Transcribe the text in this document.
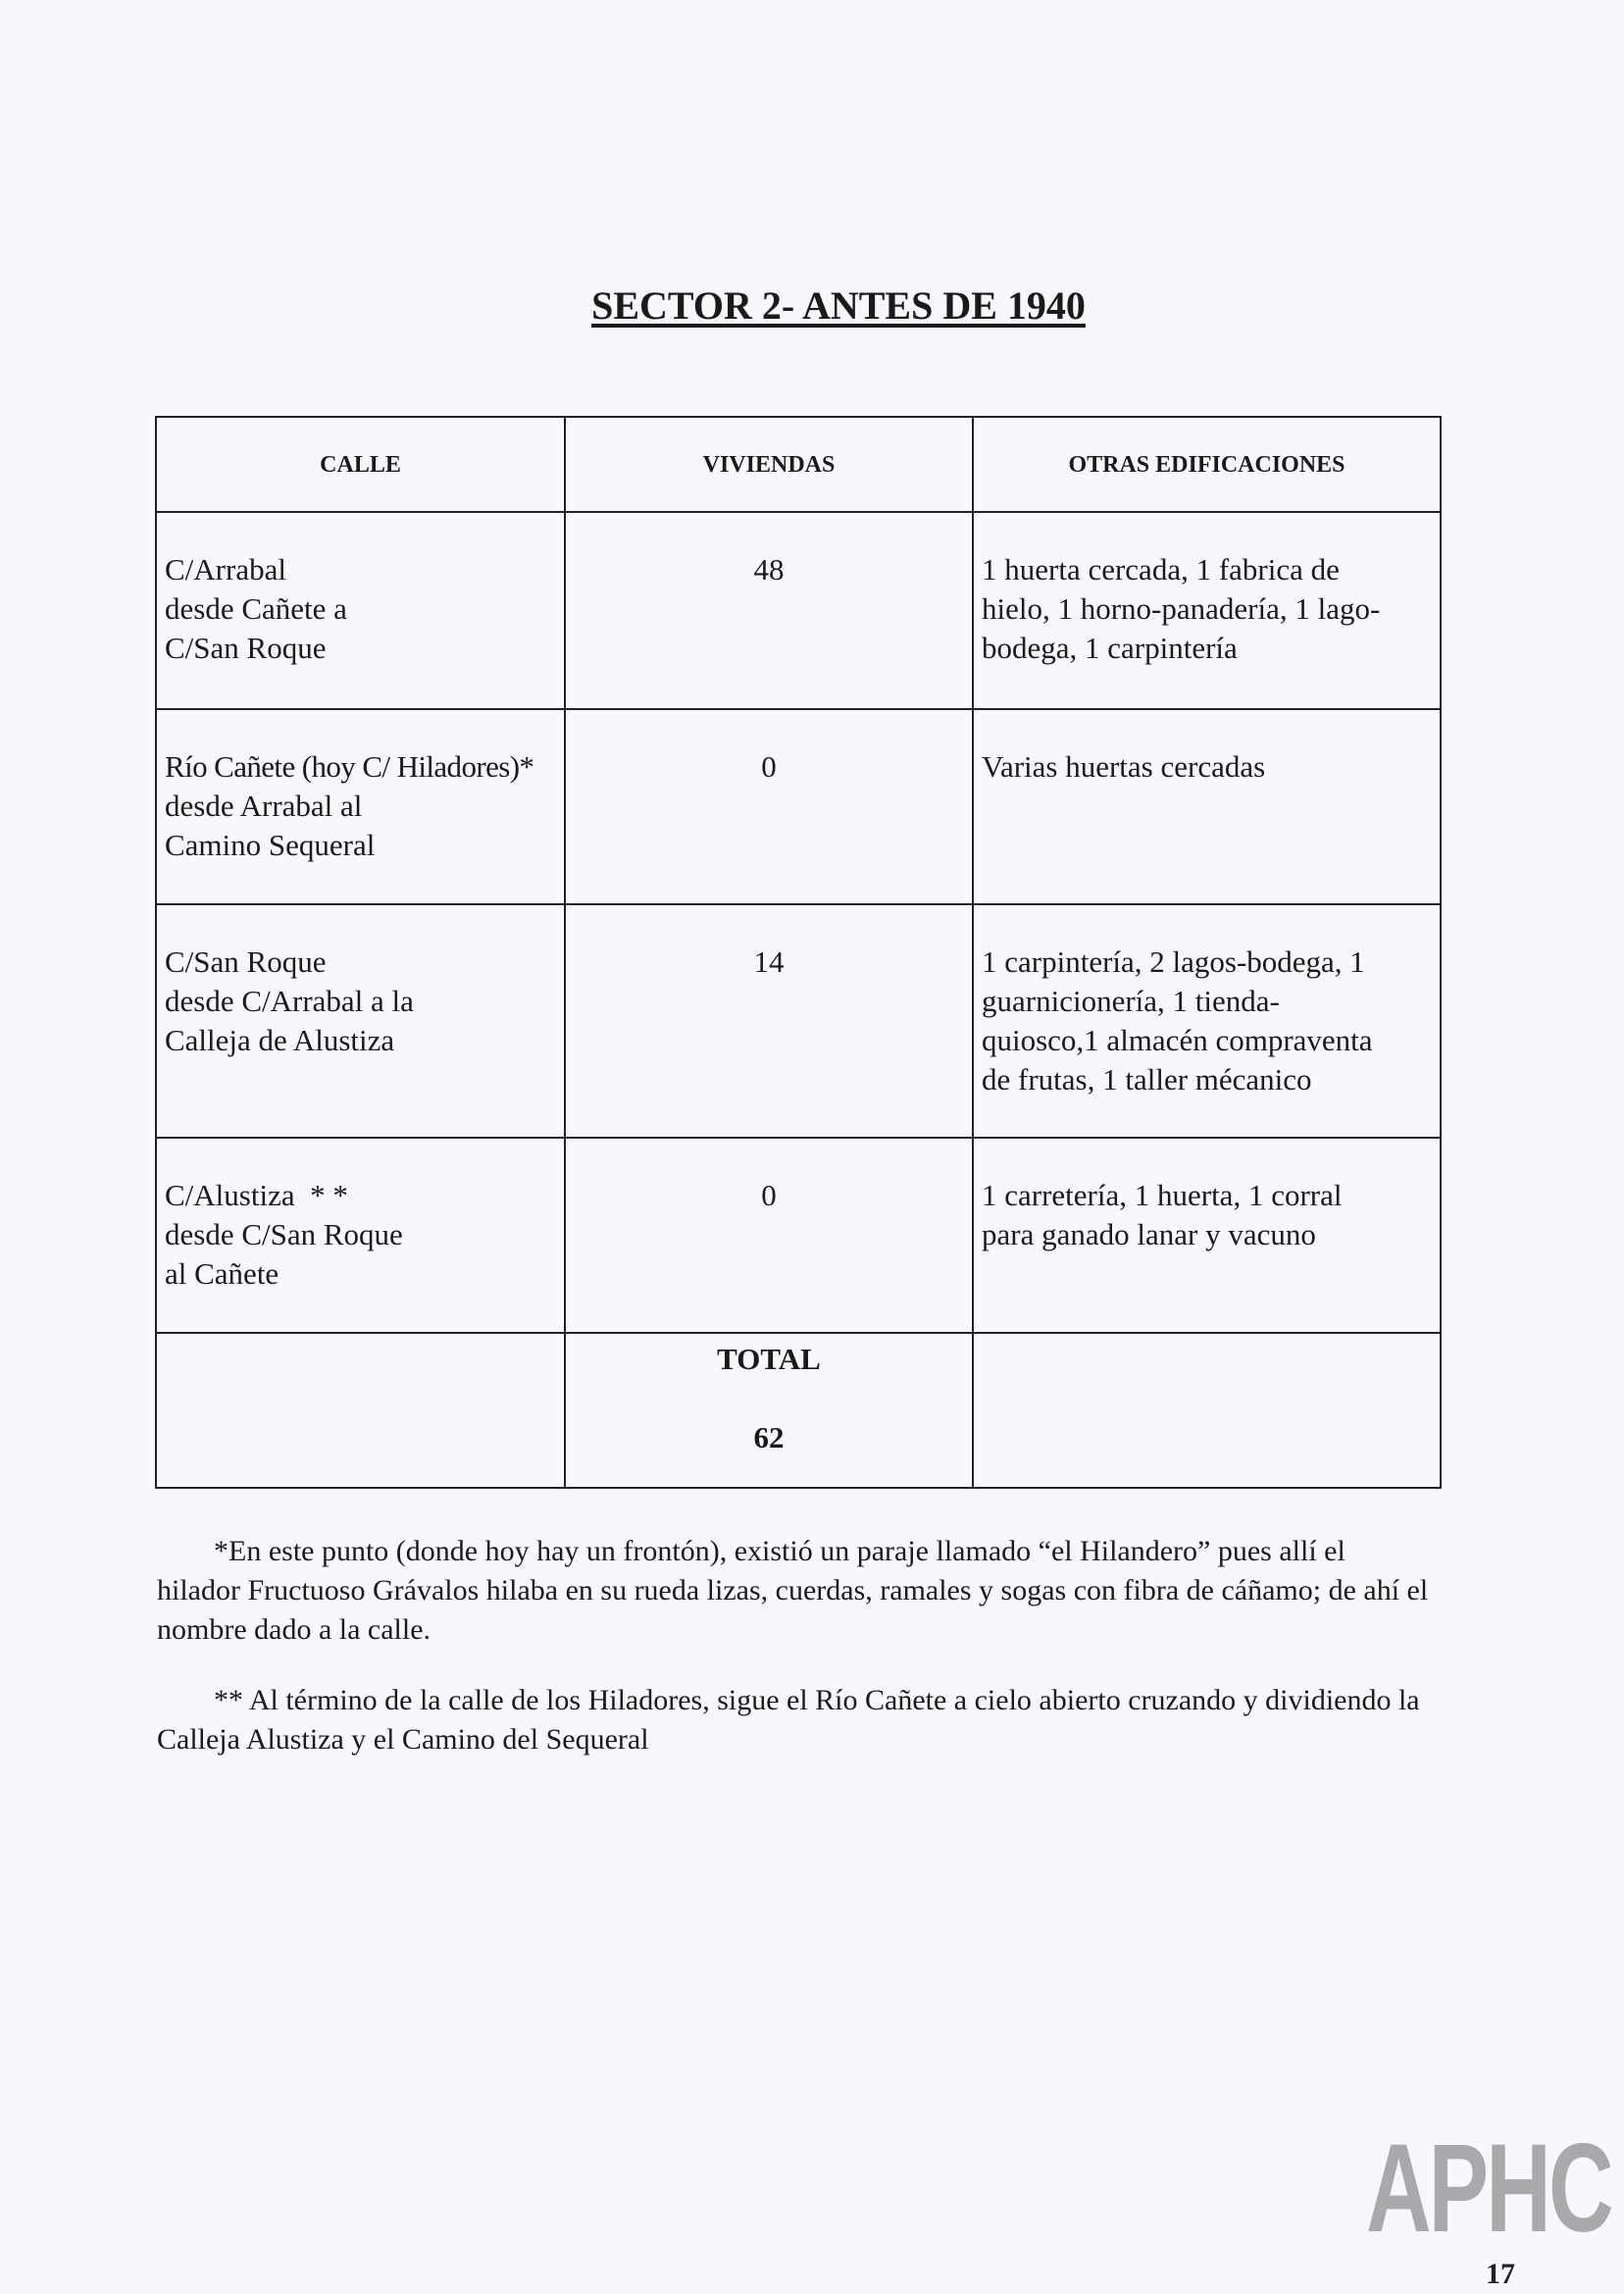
SECTOR 2- ANTES DE 1940
CALLE	VIVIENDAS	OTRAS EDIFICACIONES

C/Arrabal
desde Cañete a
C/San Roque	48	1 huerta cercada, 1 fabrica de hielo, 1 horno-panadería, 1 lago-bodega, 1 carpintería

Río Cañete (hoy C/ Hiladores)*
desde Arrabal al
Camino Sequeral	0	Varias huertas cercadas

C/San Roque
desde C/Arrabal a la
Calleja de Alustiza	14	1 carpintería, 2 lagos-bodega, 1 guarnicionería, 1 tienda-quiosco,1 almacén compraventa de frutas, 1 taller mécanico

C/Alustiza  * *
desde C/San Roque
al Cañete	0	1 carretería, 1 huerta, 1 corral para ganado lanar y vacuno

	TOTAL
62	

*En este punto (donde hoy hay un frontón), existió un paraje llamado “el Hilandero” pues allí el hilador Fructuoso Grávalos hilaba en su rueda lizas, cuerdas, ramales y sogas con fibra de cáñamo; de ahí el nombre dado a la calle.
** Al término de la calle de los Hiladores, sigue el Río Cañete a cielo abierto cruzando y dividiendo la Calleja Alustiza y el Camino del Sequeral
APHC
17
